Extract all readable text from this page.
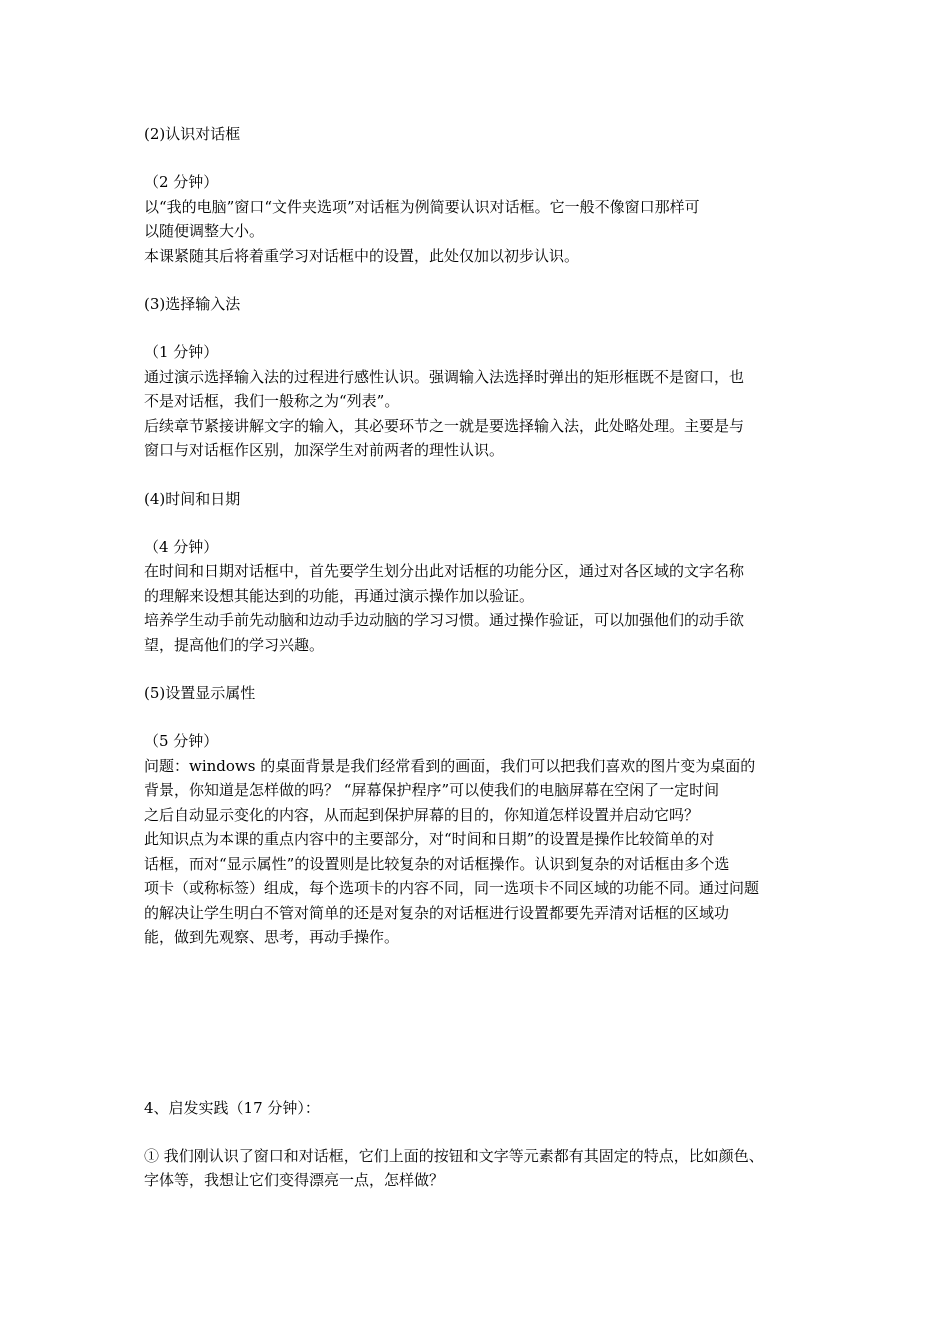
(2)认识对话框

（2 分钟）

以“我的电脑”窗口“文件夹选项”对话框为例简要认识对话框。它一般不像窗口那样可

以随便调整大小。

本课紧随其后将着重学习对话框中的设置，此处仅加以初步认识。

(3)选择输入法

（1 分钟）

通过演示选择输入法的过程进行感性认识。强调输入法选择时弹出的矩形框既不是窗口，也

不是对话框，我们一般称之为“列表”。

后续章节紧接讲解文字的输入，其必要环节之一就是要选择输入法，此处略处理。主要是与

窗口与对话框作区别，加深学生对前两者的理性认识。

(4)时间和日期

（4 分钟）

在时间和日期对话框中，首先要学生划分出此对话框的功能分区，通过对各区域的文字名称

的理解来设想其能达到的功能，再通过演示操作加以验证。

培养学生动手前先动脑和边动手边动脑的学习习惯。通过操作验证，可以加强他们的动手欲

望，提高他们的学习兴趣。

(5)设置显示属性

（5 分钟）

问题：windows 的桌面背景是我们经常看到的画面，我们可以把我们喜欢的图片变为桌面的

背景，你知道是怎样做的吗？ “屏幕保护程序”可以使我们的电脑屏幕在空闲了一定时间

之后自动显示变化的内容，从而起到保护屏幕的目的，你知道怎样设置并启动它吗？

此知识点为本课的重点内容中的主要部分，对“时间和日期”的设置是操作比较简单的对

话框，而对“显示属性”的设置则是比较复杂的对话框操作。认识到复杂的对话框由多个选

项卡（或称标签）组成，每个选项卡的内容不同，同一选项卡不同区域的功能不同。通过问题

的解决让学生明白不管对简单的还是对复杂的对话框进行设置都要先弄清对话框的区域功

能，做到先观察、思考，再动手操作。

4、启发实践（17 分钟）：

① 我们刚认识了窗口和对话框，它们上面的按钮和文字等元素都有其固定的特点，比如颜色、

字体等，我想让它们变得漂亮一点，怎样做？
